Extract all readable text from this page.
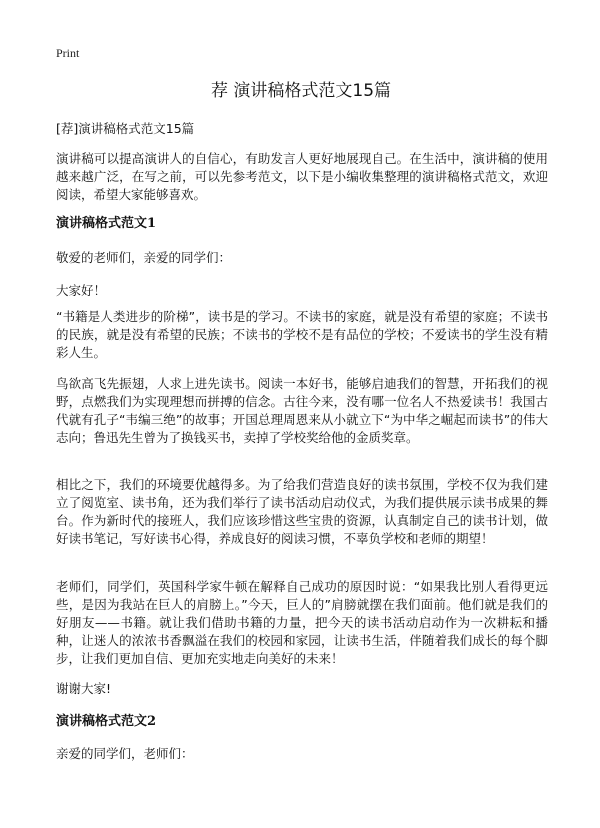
Print
荐 演讲稿格式范文15篇
[荐]演讲稿格式范文15篇

演讲稿可以提高演讲人的自信心，有助发言人更好地展现自己。在生活中，演讲稿的使用越来越广泛，在写之前，可以先参考范文，以下是小编收集整理的演讲稿格式范文，欢迎阅读，希望大家能够喜欢。

演讲稿格式范文1

敬爱的老师们，亲爱的同学们：

大家好！

“书籍是人类进步的阶梯”，读书是的学习。不读书的家庭，就是没有希望的家庭；不读书的民族，就是没有希望的民族；不读书的学校不是有品位的学校；不爱读书的学生没有精彩人生。

鸟欲高飞先振翅，人求上进先读书。阅读一本好书，能够启迪我们的智慧，开拓我们的视野，点燃我们为实现理想而拼搏的信念。古往今来，没有哪一位名人不热爱读书！我国古代就有孔子“韦编三绝”的故事；开国总理周恩来从小就立下“为中华之崛起而读书”的伟大志向；鲁迅先生曾为了换钱买书，卖掉了学校奖给他的金质奖章。

相比之下，我们的环境要优越得多。为了给我们营造良好的读书氛围，学校不仅为我们建立了阅览室、读书角，还为我们举行了读书活动启动仪式，为我们提供展示读书成果的舞台。作为新时代的接班人，我们应该珍惜这些宝贵的资源，认真制定自己的读书计划，做好读书笔记，写好读书心得，养成良好的阅读习惯，不辜负学校和老师的期望！

老师们，同学们，英国科学家牛顿在解释自己成功的原因时说：“如果我比别人看得更远些，是因为我站在巨人的肩膀上。”今天，巨人的”肩膀就摆在我们面前。他们就是我们的好朋友——书籍。就让我们借助书籍的力量，把今天的读书活动启动作为一次耕耘和播种，让迷人的浓浓书香飘溢在我们的校园和家园，让读书生活，伴随着我们成长的每个脚步，让我们更加自信、更加充实地走向美好的未来！

谢谢大家!

演讲稿格式范文2

亲爱的同学们，老师们：
